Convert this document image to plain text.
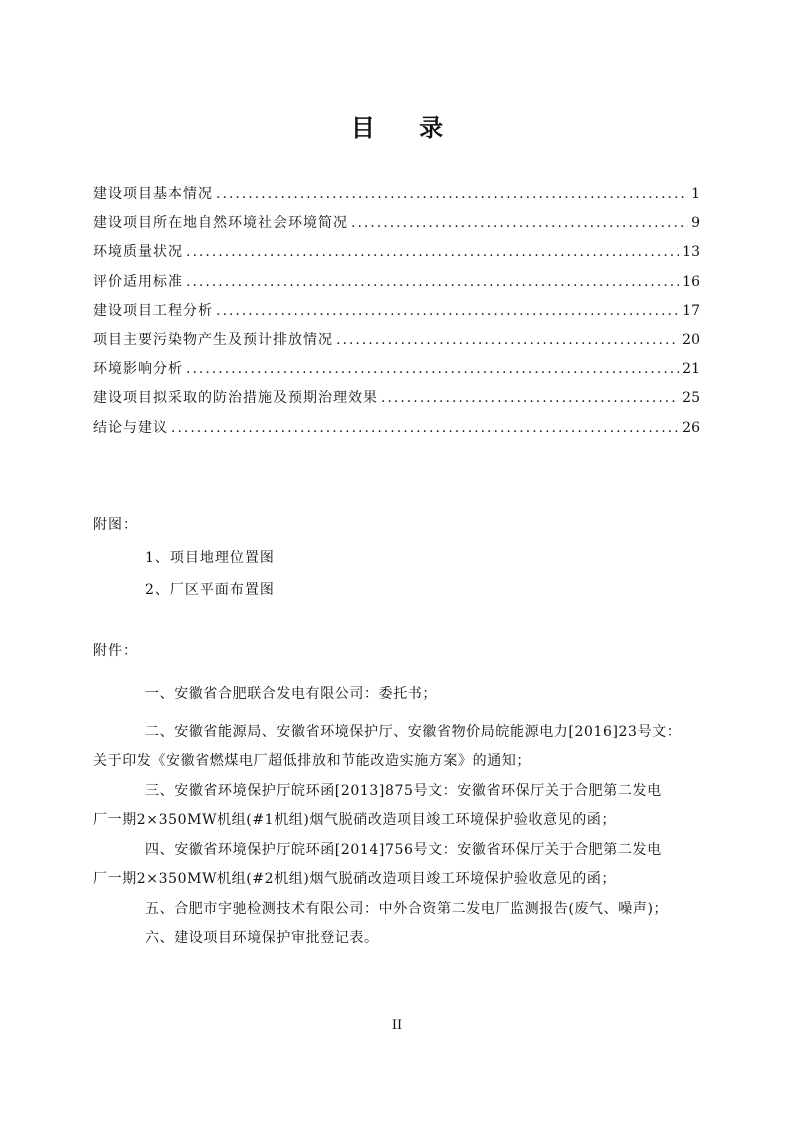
目 录
建设项目基本情况 .....	1
建设项目所在地自然环境社会环境简况 .....	9
环境质量状况 .....	13
评价适用标准 .....	16
建设项目工程分析 .....	17
项目主要污染物产生及预计排放情况 .....	20
环境影响分析 .....	21
建设项目拟采取的防治措施及预期治理效果 .....	25
结论与建议 .....	26
附图：
1、项目地理位置图
2、厂区平面布置图
附件：
一、安徽省合肥联合发电有限公司：委托书；
二、安徽省能源局、安徽省环境保护厅、安徽省物价局皖能源电力[2016]23号文：
关于印发《安徽省燃煤电厂超低排放和节能改造实施方案》的通知；
三、安徽省环境保护厅皖环函[2013]875号文：安徽省环保厅关于合肥第二发电
厂一期2×350MW机组(#1机组)烟气脱硝改造项目竣工环境保护验收意见的函；
四、安徽省环境保护厅皖环函[2014]756号文：安徽省环保厅关于合肥第二发电
厂一期2×350MW机组(#2机组)烟气脱硝改造项目竣工环境保护验收意见的函；
五、合肥市宇驰检测技术有限公司：中外合资第二发电厂监测报告(废气、噪声)；
六、建设项目环境保护审批登记表。
II
